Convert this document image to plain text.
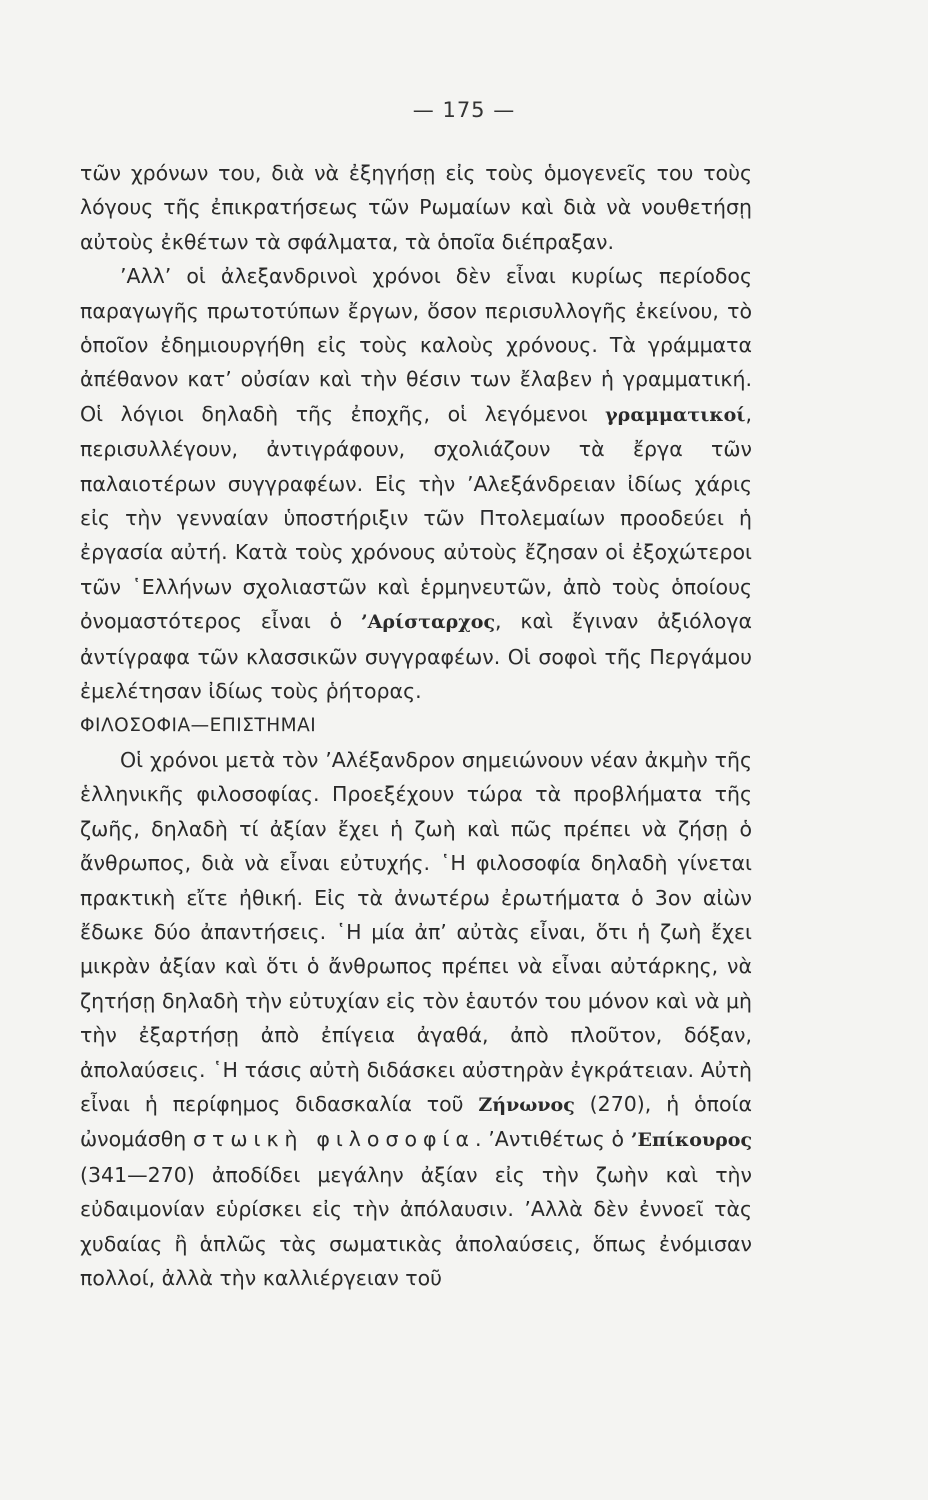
— 175 —

τῶν χρόνων του, διὰ νὰ ἐξηγήσῃ εἰς τοὺς ὁμογενεῖς του τοὺς λόγους τῆς ἐπικρατήσεως τῶν Ρωμαίων καὶ διὰ νὰ νουθετήσῃ αὐτοὺς ἐκθέτων τὰ σφάλματα, τὰ ὁποῖα διέπραξαν.

’Αλλ’ οἱ ἀλεξανδρινοὶ χρόνοι δὲν εἶναι κυρίως περίοδος παραγωγῆς πρωτοτύπων ἔργων, ὅσον περισυλλογῆς ἐκείνου, τὸ ὁποῖον ἐδημιουργήθη εἰς τοὺς καλοὺς χρόνους. Τὰ γράμματα ἀπέθανον κατ’ οὐσίαν καὶ τὴν θέσιν των ἔλαβεν ἡ γραμματική. Οἱ λόγιοι δηλαδὴ τῆς ἐποχῆς, οἱ λεγόμενοι γραμματικοί, περισυλλέγουν, ἀντιγράφουν, σχολιάζουν τὰ ἔργα τῶν παλαιοτέρων συγγραφέων. Εἰς τὴν ’Αλεξάνδρειαν ἰδίως χάρις εἰς τὴν γενναίαν ὑποστήριξιν τῶν Πτολεμαίων προοδεύει ἡ ἐργασία αὐτή. Κατὰ τοὺς χρόνους αὐτοὺς ἔζησαν οἱ ἐξοχώτεροι τῶν ῾Ελλήνων σχολιαστῶν καὶ ἑρμηνευτῶν, ἀπὸ τοὺς ὁποίους ὀνομαστότερος εἶναι ὁ ’Αρίσταρχος, καὶ ἔγιναν ἀξιόλογα ἀντίγραφα τῶν κλασσικῶν συγγραφέων. Οἱ σοφοὶ τῆς Περγάμου ἐμελέτησαν ἰδίως τοὺς ῥήτορας.

ΦΙΛΟΣΟΦΙΑ—ΕΠΙΣΤΗΜΑΙ

Οἱ χρόνοι μετὰ τὸν ’Αλέξανδρον σημειώνουν νέαν ἀκμὴν τῆς ἑλληνικῆς φιλοσοφίας. Προεξέχουν τώρα τὰ προβλήματα τῆς ζωῆς, δηλαδὴ τί ἀξίαν ἔχει ἡ ζωὴ καὶ πῶς πρέπει νὰ ζήσῃ ὁ ἄνθρωπος, διὰ νὰ εἶναι εὐτυχής. ῾Η φιλοσοφία δηλαδὴ γίνεται πρακτικὴ εἴτε ἠθική. Εἰς τὰ ἀνωτέρω ἐρωτήματα ὁ 3ον αἰὼν ἔδωκε δύο ἀπαντήσεις. ῾Η μία ἀπ’ αὐτὰς εἶναι, ὅτι ἡ ζωὴ ἔχει μικρὰν ἀξίαν καὶ ὅτι ὁ ἄνθρωπος πρέπει νὰ εἶναι αὐτάρκης, νὰ ζητήσῃ δηλαδὴ τὴν εὐτυχίαν εἰς τὸν ἑαυτόν του μόνον καὶ νὰ μὴ τὴν ἐξαρτήσῃ ἀπὸ ἐπίγεια ἀγαθά, ἀπὸ πλοῦτον, δόξαν, ἀπολαύσεις. ῾Η τάσις αὐτὴ διδάσκει αὐστηρὰν ἐγκράτειαν. Αὐτὴ εἶναι ἡ περίφημος διδασκαλία τοῦ Ζήνωνος (270), ἡ ὁποία ὠνομάσθη στωικὴ φιλοσοφία. ’Αντιθέτως ὁ ’Επίκουρος (341—270) ἀποδίδει μεγάλην ἀξίαν εἰς τὴν ζωὴν καὶ τὴν εὐδαιμονίαν εὑρίσκει εἰς τὴν ἀπόλαυσιν. ’Αλλὰ δὲν ἐννοεῖ τὰς χυδαίας ἢ ἁπλῶς τὰς σωματικὰς ἀπολαύσεις, ὅπως ἐνόμισαν πολλοί, ἀλλὰ τὴν καλλιέργειαν τοῦ
